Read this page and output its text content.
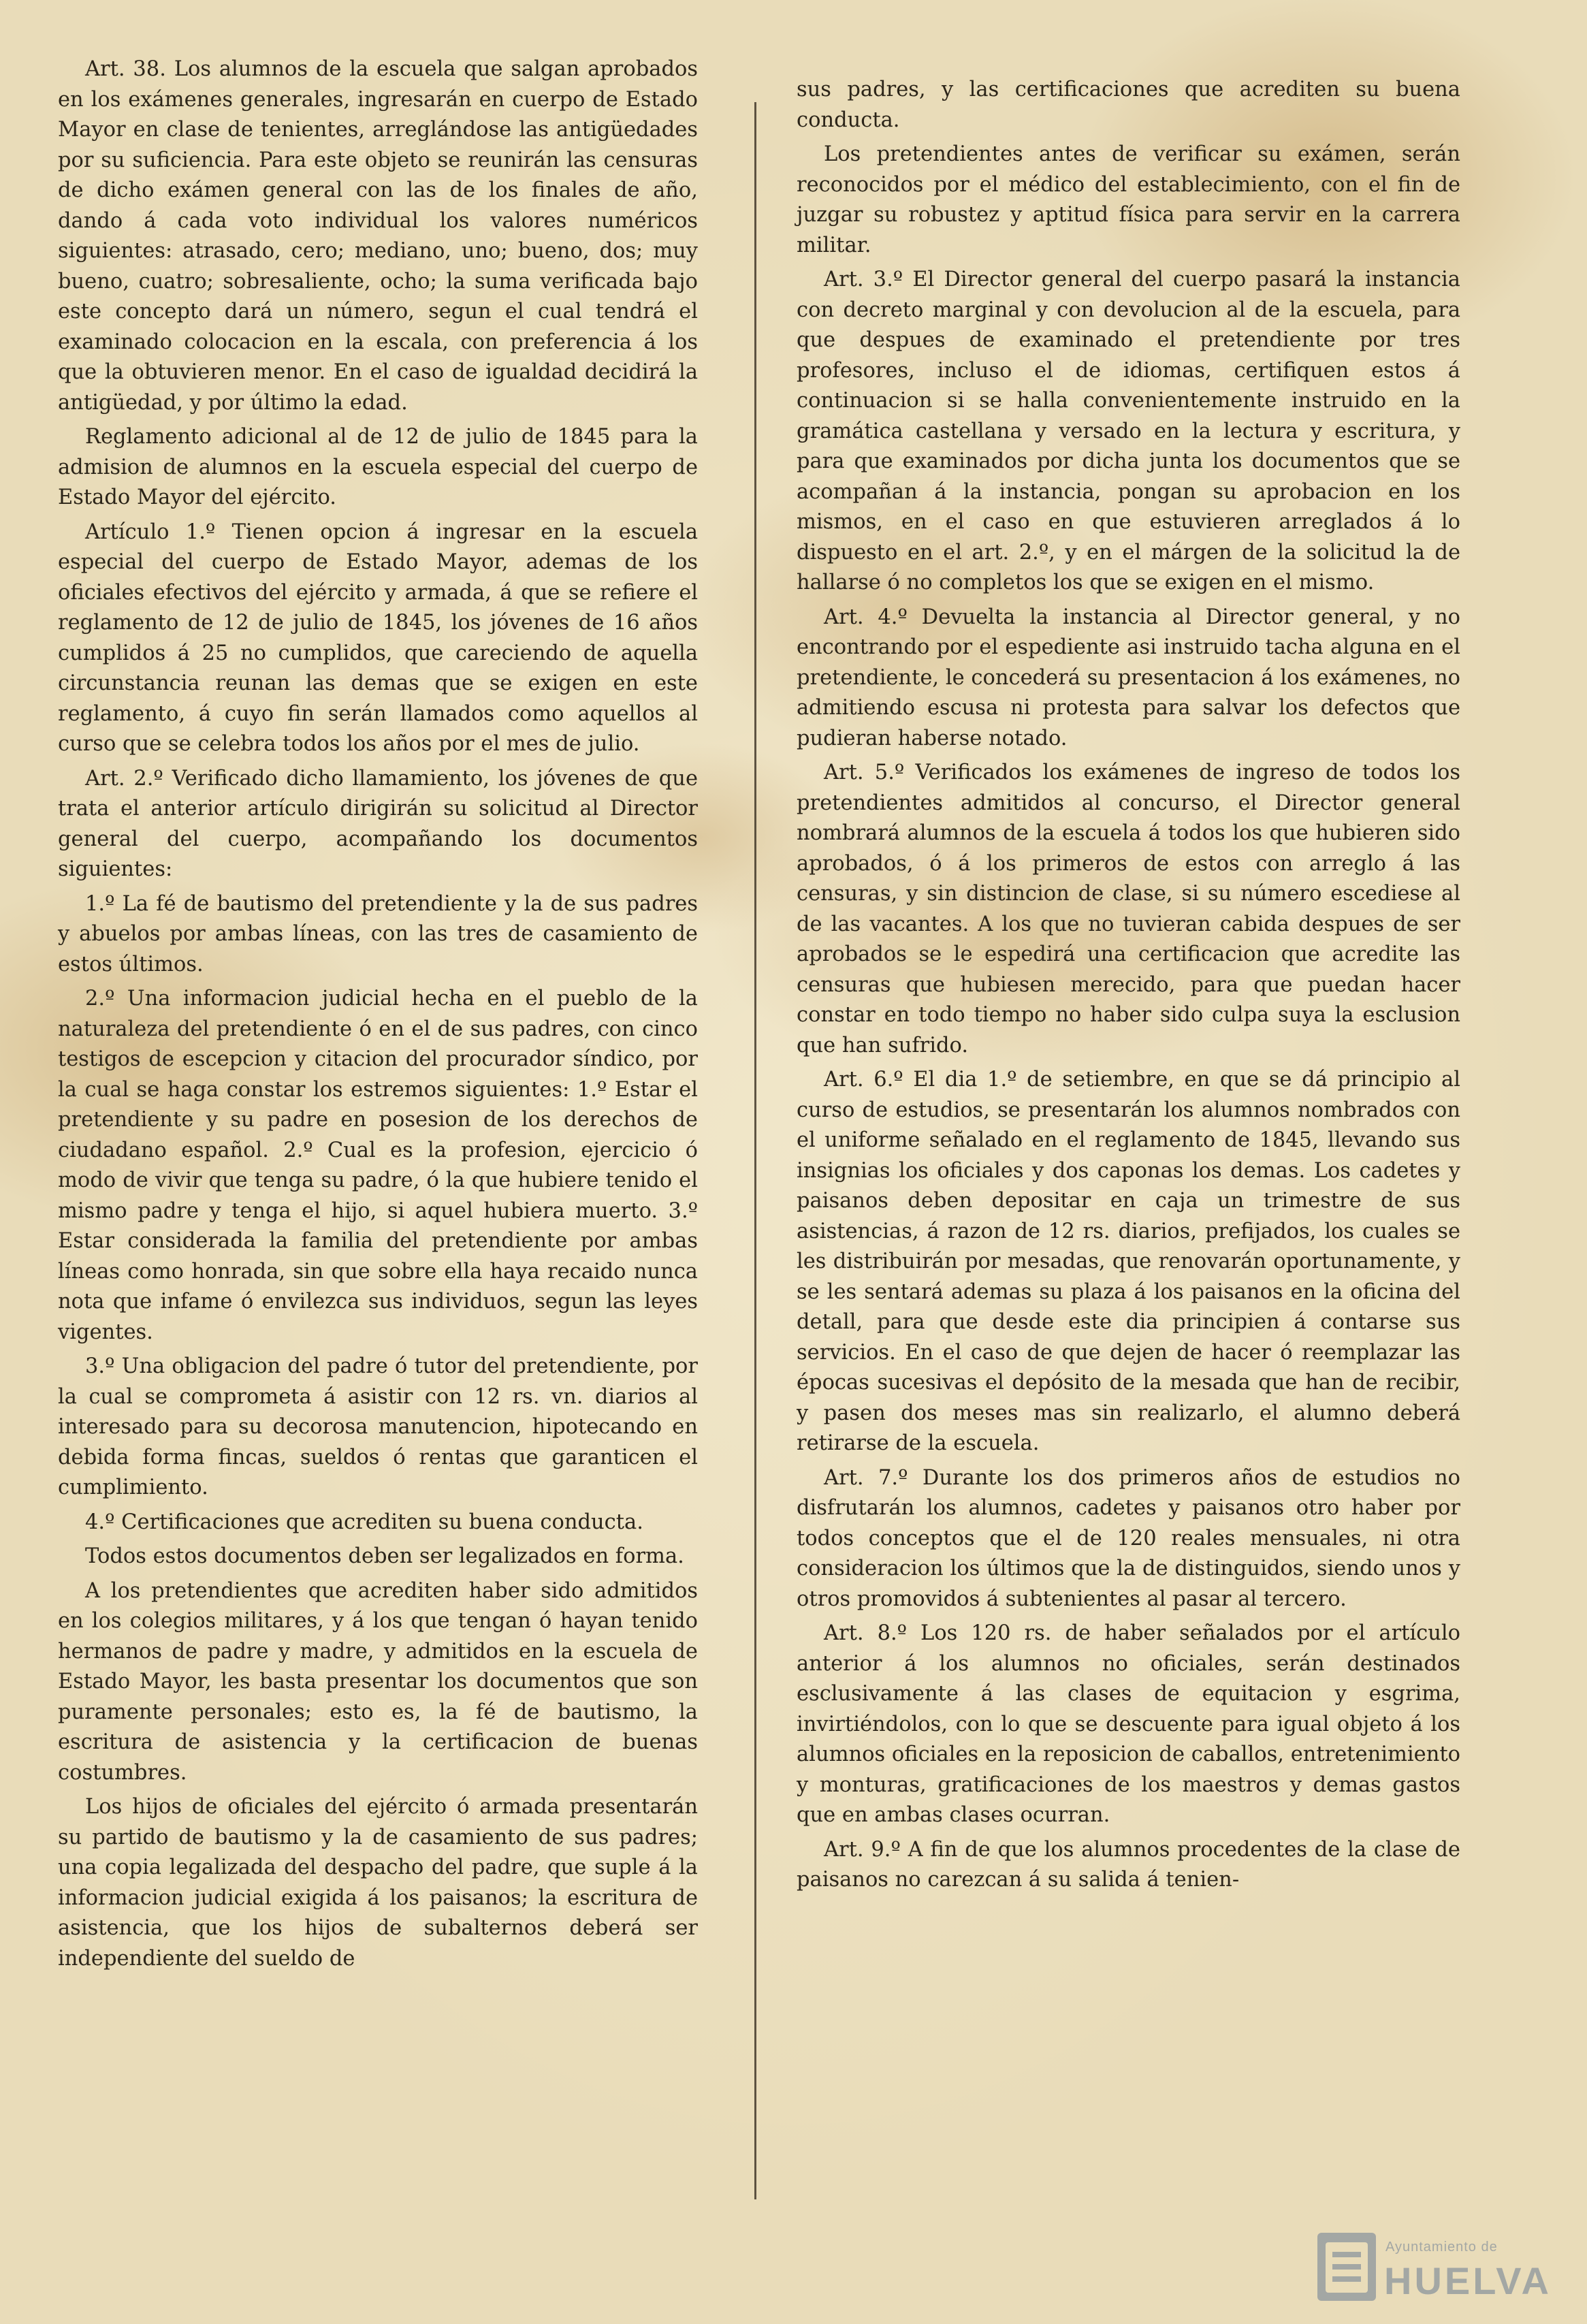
Art. 38. Los alumnos de la escuela que salgan aprobados en los exámenes generales, ingresarán en cuerpo de Estado Mayor en clase de tenientes, arreglándose las antigüedades por su suficiencia. Para este objeto se reunirán las censuras de dicho exámen general con las de los finales de año, dando á cada voto individual los valores numéricos siguientes: atrasado, cero; mediano, uno; bueno, dos; muy bueno, cuatro; sobresaliente, ocho; la suma verificada bajo este concepto dará un número, segun el cual tendrá el examinado colocacion en la escala, con preferencia á los que la obtuvieren menor. En el caso de igualdad decidirá la antigüedad, y por último la edad.

Reglamento adicional al de 12 de julio de 1845 para la admision de alumnos en la escuela especial del cuerpo de Estado Mayor del ejército.

Artículo 1.º Tienen opcion á ingresar en la escuela especial del cuerpo de Estado Mayor, ademas de los oficiales efectivos del ejército y armada, á que se refiere el reglamento de 12 de julio de 1845, los jóvenes de 16 años cumplidos á 25 no cumplidos, que careciendo de aquella circunstancia reunan las demas que se exigen en este reglamento, á cuyo fin serán llamados como aquellos al curso que se celebra todos los años por el mes de julio.

Art. 2.º Verificado dicho llamamiento, los jóvenes de que trata el anterior artículo dirigirán su solicitud al Director general del cuerpo, acompañando los documentos siguientes:

1.º La fé de bautismo del pretendiente y la de sus padres y abuelos por ambas líneas, con las tres de casamiento de estos últimos.

2.º Una informacion judicial hecha en el pueblo de la naturaleza del pretendiente ó en el de sus padres, con cinco testigos de escepcion y citacion del procurador síndico, por la cual se haga constar los estremos siguientes: 1.º Estar el pretendiente y su padre en posesion de los derechos de ciudadano español. 2.º Cual es la profesion, ejercicio ó modo de vivir que tenga su padre, ó la que hubiere tenido el mismo padre y tenga el hijo, si aquel hubiera muerto. 3.º Estar considerada la familia del pretendiente por ambas líneas como honrada, sin que sobre ella haya recaido nunca nota que infame ó envilezca sus individuos, segun las leyes vigentes.

3.º Una obligacion del padre ó tutor del pretendiente, por la cual se comprometa á asistir con 12 rs. vn. diarios al interesado para su decorosa manutencion, hipotecando en debida forma fincas, sueldos ó rentas que garanticen el cumplimiento.

4.º Certificaciones que acrediten su buena conducta.

Todos estos documentos deben ser legalizados en forma.

A los pretendientes que acrediten haber sido admitidos en los colegios militares, y á los que tengan ó hayan tenido hermanos de padre y madre, y admitidos en la escuela de Estado Mayor, les basta presentar los documentos que son puramente personales; esto es, la fé de bautismo, la escritura de asistencia y la certificacion de buenas costumbres.

Los hijos de oficiales del ejército ó armada presentarán su partido de bautismo y la de casamiento de sus padres; una copia legalizada del despacho del padre, que suple á la informacion judicial exigida á los paisanos; la escritura de asistencia, que los hijos de subalternos deberá ser independiente del sueldo de

sus padres, y las certificaciones que acrediten su buena conducta.

Los pretendientes antes de verificar su exámen, serán reconocidos por el médico del establecimiento, con el fin de juzgar su robustez y aptitud física para servir en la carrera militar.

Art. 3.º El Director general del cuerpo pasará la instancia con decreto marginal y con devolucion al de la escuela, para que despues de examinado el pretendiente por tres profesores, incluso el de idiomas, certifiquen estos á continuacion si se halla convenientemente instruido en la gramática castellana y versado en la lectura y escritura, y para que examinados por dicha junta los documentos que se acompañan á la instancia, pongan su aprobacion en los mismos, en el caso en que estuvieren arreglados á lo dispuesto en el art. 2.º, y en el márgen de la solicitud la de hallarse ó no completos los que se exigen en el mismo.

Art. 4.º Devuelta la instancia al Director general, y no encontrando por el espediente asi instruido tacha alguna en el pretendiente, le concederá su presentacion á los exámenes, no admitiendo escusa ni protesta para salvar los defectos que pudieran haberse notado.

Art. 5.º Verificados los exámenes de ingreso de todos los pretendientes admitidos al concurso, el Director general nombrará alumnos de la escuela á todos los que hubieren sido aprobados, ó á los primeros de estos con arreglo á las censuras, y sin distincion de clase, si su número escediese al de las vacantes. A los que no tuvieran cabida despues de ser aprobados se le espedirá una certificacion que acredite las censuras que hubiesen merecido, para que puedan hacer constar en todo tiempo no haber sido culpa suya la esclusion que han sufrido.

Art. 6.º El dia 1.º de setiembre, en que se dá principio al curso de estudios, se presentarán los alumnos nombrados con el uniforme señalado en el reglamento de 1845, llevando sus insignias los oficiales y dos caponas los demas. Los cadetes y paisanos deben depositar en caja un trimestre de sus asistencias, á razon de 12 rs. diarios, prefijados, los cuales se les distribuirán por mesadas, que renovarán oportunamente, y se les sentará ademas su plaza á los paisanos en la oficina del detall, para que desde este dia principien á contarse sus servicios. En el caso de que dejen de hacer ó reemplazar las épocas sucesivas el depósito de la mesada que han de recibir, y pasen dos meses mas sin realizarlo, el alumno deberá retirarse de la escuela.

Art. 7.º Durante los dos primeros años de estudios no disfrutarán los alumnos, cadetes y paisanos otro haber por todos conceptos que el de 120 reales mensuales, ni otra consideracion los últimos que la de distinguidos, siendo unos y otros promovidos á subtenientes al pasar al tercero.

Art. 8.º Los 120 rs. de haber señalados por el artículo anterior á los alumnos no oficiales, serán destinados esclusivamente á las clases de equitacion y esgrima, invirtiéndolos, con lo que se descuente para igual objeto á los alumnos oficiales en la reposicion de caballos, entretenimiento y monturas, gratificaciones de los maestros y demas gastos que en ambas clases ocurran.

Art. 9.º A fin de que los alumnos procedentes de la clase de paisanos no carezcan á su salida á tenien-

Ayuntamiento de
HUELVA
